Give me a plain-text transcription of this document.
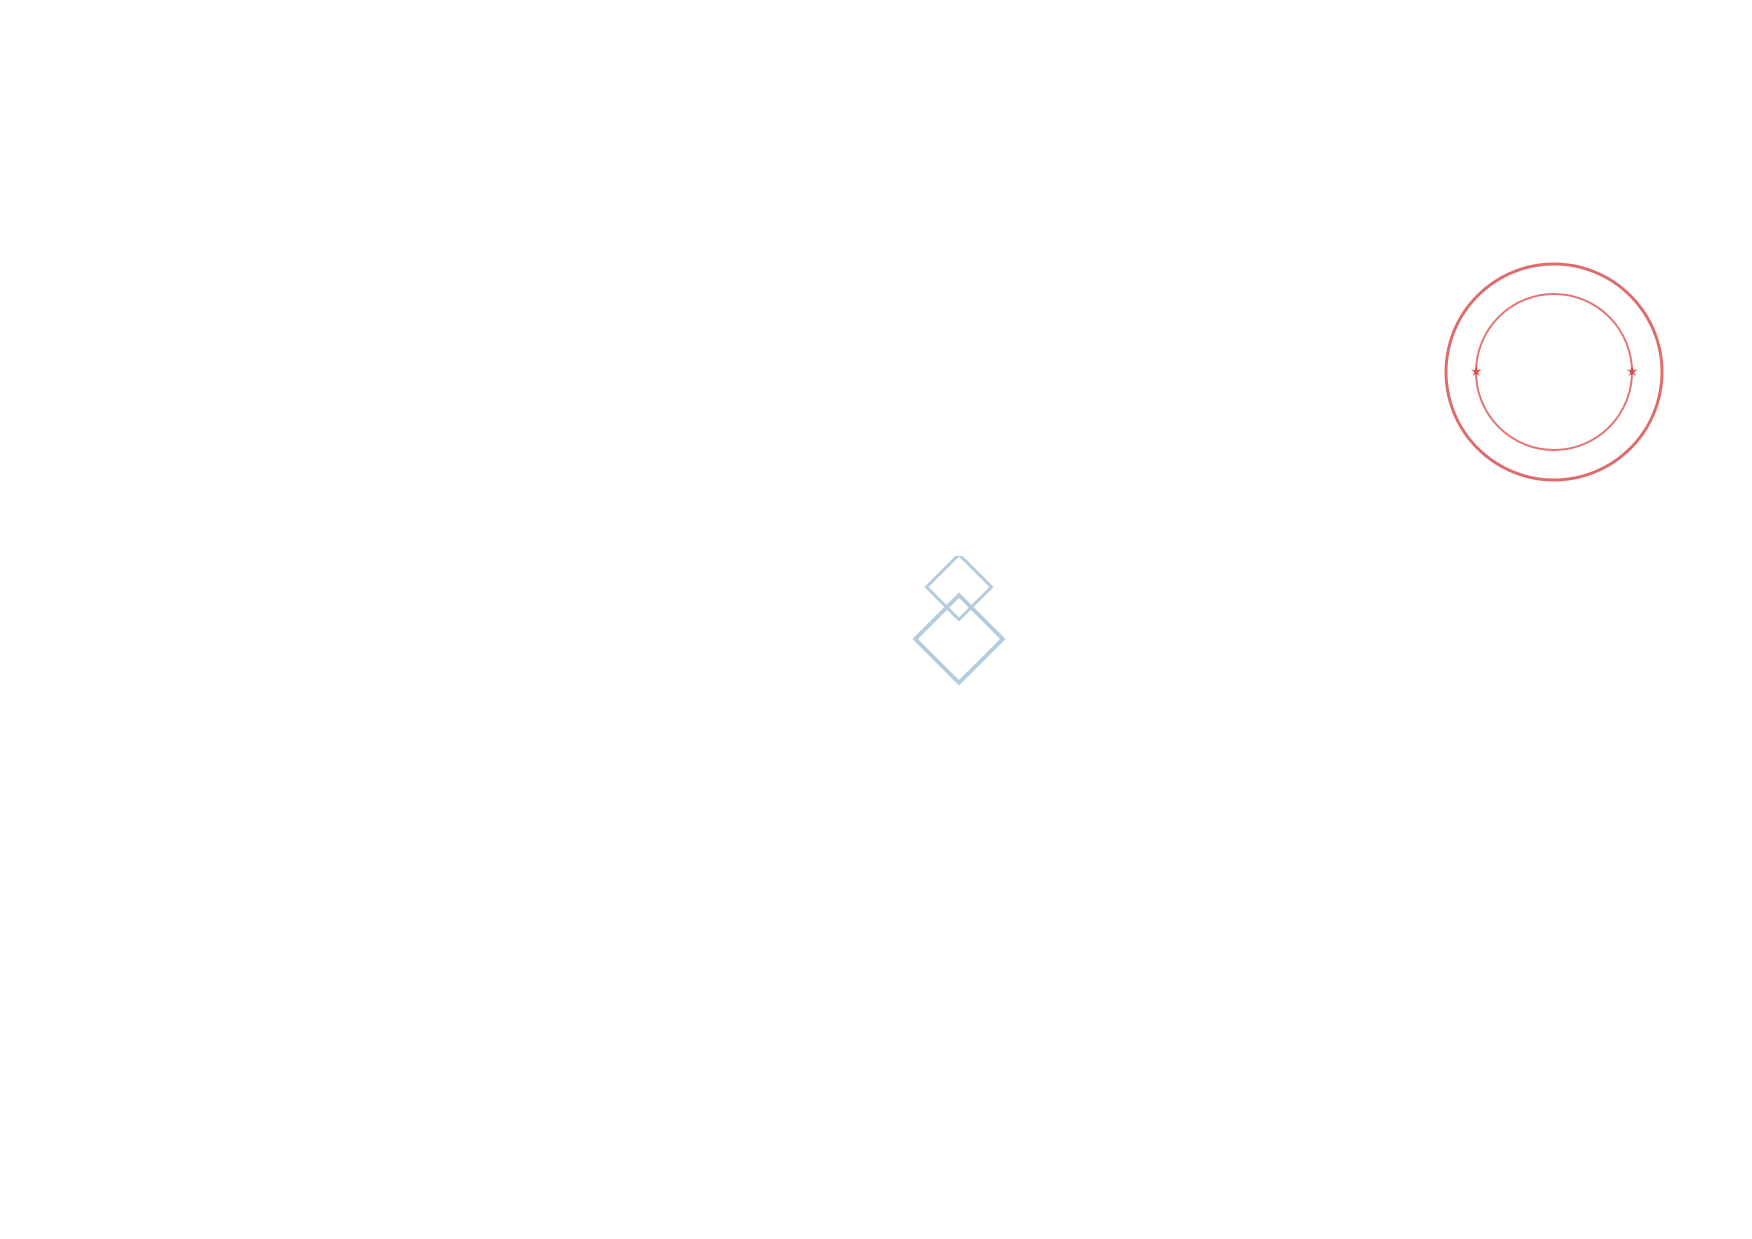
★	★
